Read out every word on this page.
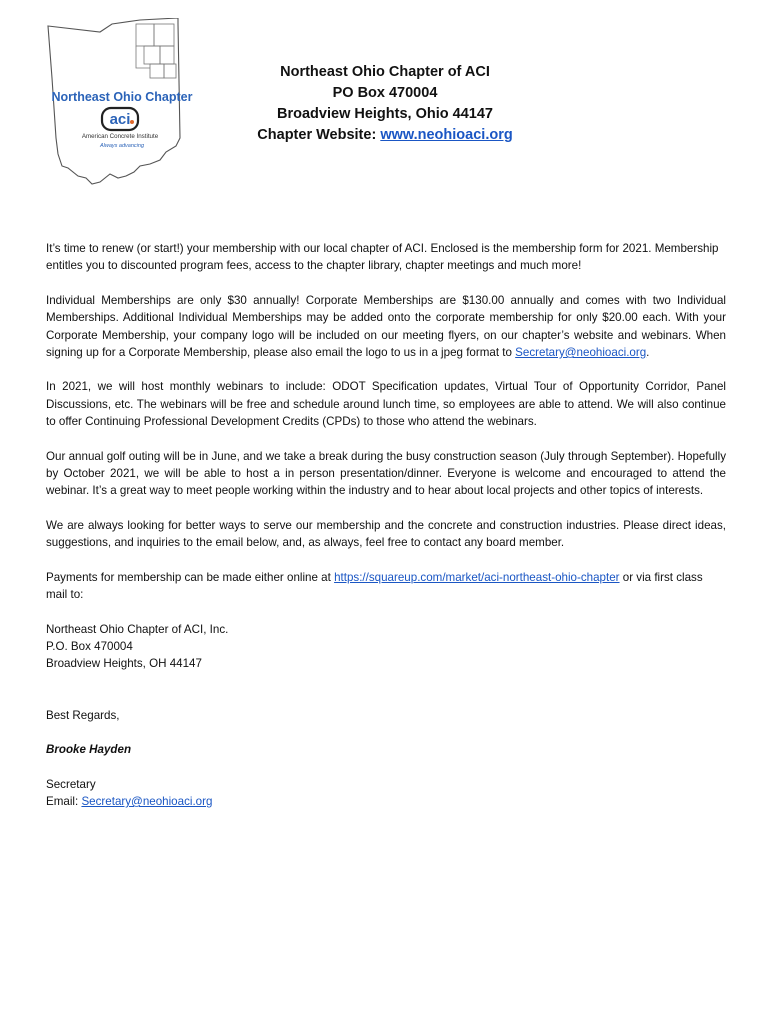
Northeast Ohio Chapter
aci
American Concrete Institute
Always advancing
Northeast Ohio Chapter of ACI
PO Box 470004
Broadview Heights, Ohio 44147
Chapter Website: www.neohioaci.org

It’s time to renew (or start!) your membership with our local chapter of ACI. Enclosed is the membership form for 2021. Membership entitles you to discounted program fees, access to the chapter library, chapter meetings and much more!

Individual Memberships are only $30 annually! Corporate Memberships are $130.00 annually and comes with two Individual Memberships. Additional Individual Memberships may be added onto the corporate membership for only $20.00 each. With your Corporate Membership, your company logo will be included on our meeting flyers, on our chapter’s website and webinars. When signing up for a Corporate Membership, please also email the logo to us in a jpeg format to Secretary@neohioaci.org.

In 2021, we will host monthly webinars to include: ODOT Specification updates, Virtual Tour of Opportunity Corridor, Panel Discussions, etc. The webinars will be free and schedule around lunch time, so employees are able to attend. We will also continue to offer Continuing Professional Development Credits (CPDs) to those who attend the webinars.

Our annual golf outing will be in June, and we take a break during the busy construction season (July through September). Hopefully by October 2021, we will be able to host a in person presentation/dinner. Everyone is welcome and encouraged to attend the webinar. It’s a great way to meet people working within the industry and to hear about local projects and other topics of interests.

We are always looking for better ways to serve our membership and the concrete and construction industries. Please direct ideas, suggestions, and inquiries to the email below, and, as always, feel free to contact any board member.

Payments for membership can be made either online at https://squareup.com/market/aci-northeast-ohio-chapter or via first class mail to:

Northeast Ohio Chapter of ACI, Inc.
P.O. Box 470004
Broadview Heights, OH 44147

Best Regards,

Brooke Hayden

Secretary
Email: Secretary@neohioaci.org
